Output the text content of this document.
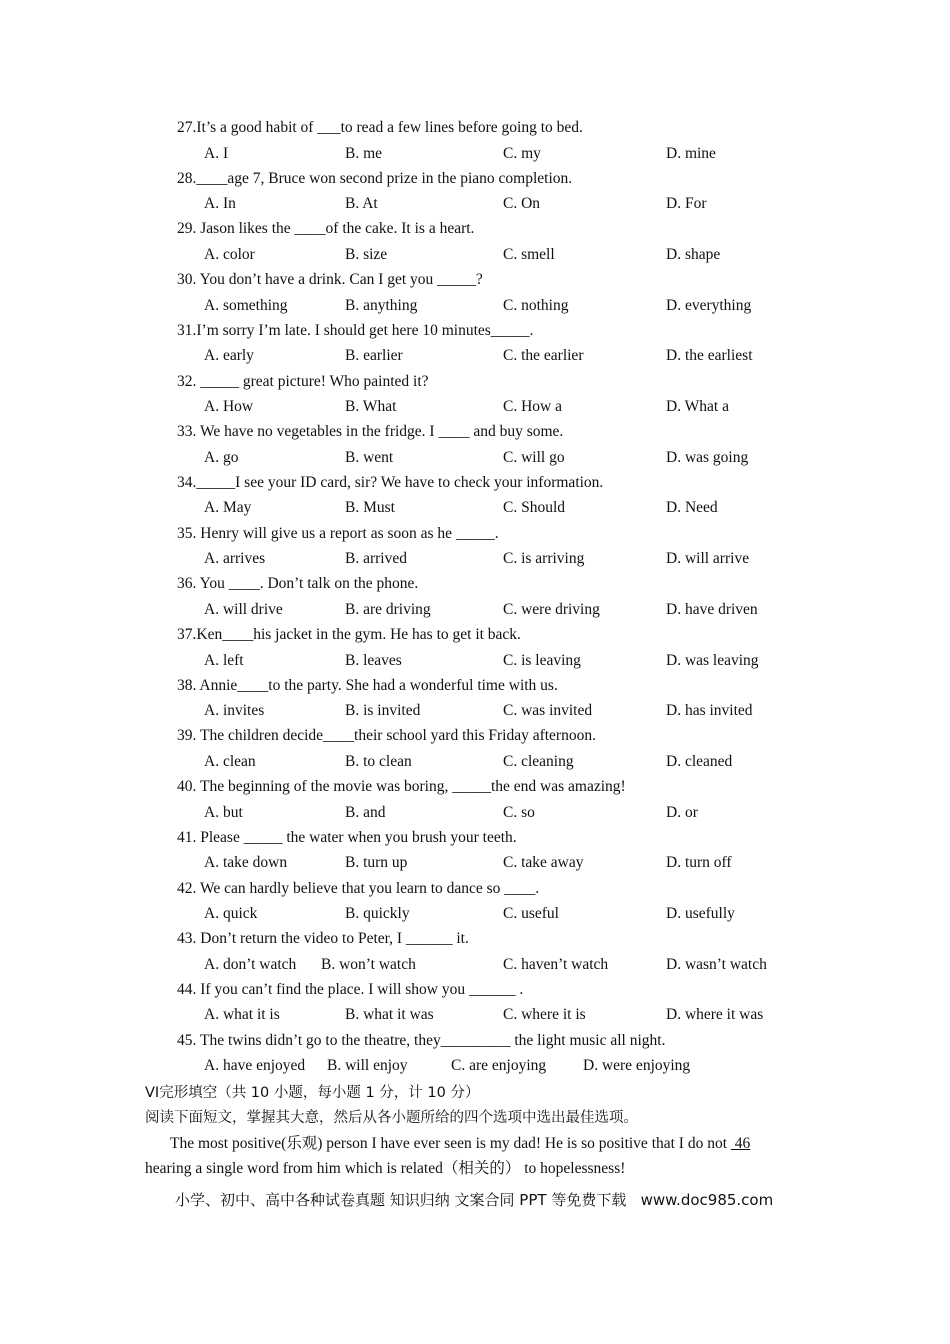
27.It’s a good habit of ___to read a few lines before going to bed.
A. I	B. me	C. my	D. mine
28.____age 7, Bruce won second prize in the piano completion.
A. In	B. At	C. On	D. For
29. Jason likes the ____of the cake. It is a heart.
A. color	B. size	C. smell	D. shape
30. You don’t have a drink. Can I get you _____?
A. something	B. anything	C. nothing	D. everything
31.I’m sorry I’m late. I should get here 10 minutes_____.
A. early	B. earlier	C. the earlier	D. the earliest
32. _____ great picture! Who painted it?
A. How	B. What	C. How a	D. What a
33. We have no vegetables in the fridge. I ____ and buy some.
A. go	B. went	C. will go	D. was going
34._____I see your ID card, sir? We have to check your information.
A. May	B. Must	C. Should	D. Need
35. Henry will give us a report as soon as he _____.
A. arrives	B. arrived	C. is arriving	D. will arrive
36. You ____. Don’t talk on the phone.
A. will drive	B. are driving	C. were driving	D. have driven
37.Ken____his jacket in the gym. He has to get it back.
A. left	B. leaves	C. is leaving	D. was leaving
38. Annie____to the party. She had a wonderful time with us.
A. invites	B. is invited	C. was invited	D. has invited
39. The children decide____their school yard this Friday afternoon.
A. clean	B. to clean	C. cleaning	D. cleaned
40. The beginning of the movie was boring, _____the end was amazing!
A. but	B. and	C. so	D. or
41. Please _____ the water when you brush your teeth.
A. take down	B. turn up	C. take away	D. turn off
42. We can hardly believe that you learn to dance so ____.
A. quick	B. quickly	C. useful	D. usefully
43. Don’t return the video to Peter, I ______ it.
A. don’t watch B. won’t watch	C. haven’t watch	D. wasn’t watch
44. If you can’t find the place. I will show you ______ .
A. what it is	B. what it was	C. where it is	D. where it was
45. The twins didn’t go to the theatre, they_________ the light music all night.
A. have enjoyed B. will enjoy	C. are enjoying D. were enjoying
VI完形填空（共 10 小题，每小题 1 分，计 10 分）
阅读下面短文，掌握其大意，然后从各小题所给的四个选项中选出最佳选项。
The most positive(乐观) person I have ever seen is my dad! He is so positive that I do not  46
hearing a single word from him which is related（相关的） to hopelessness!
小学、初中、高中各种试卷真题 知识归纳 文案合同 PPT 等免费下载   www.doc985.com
